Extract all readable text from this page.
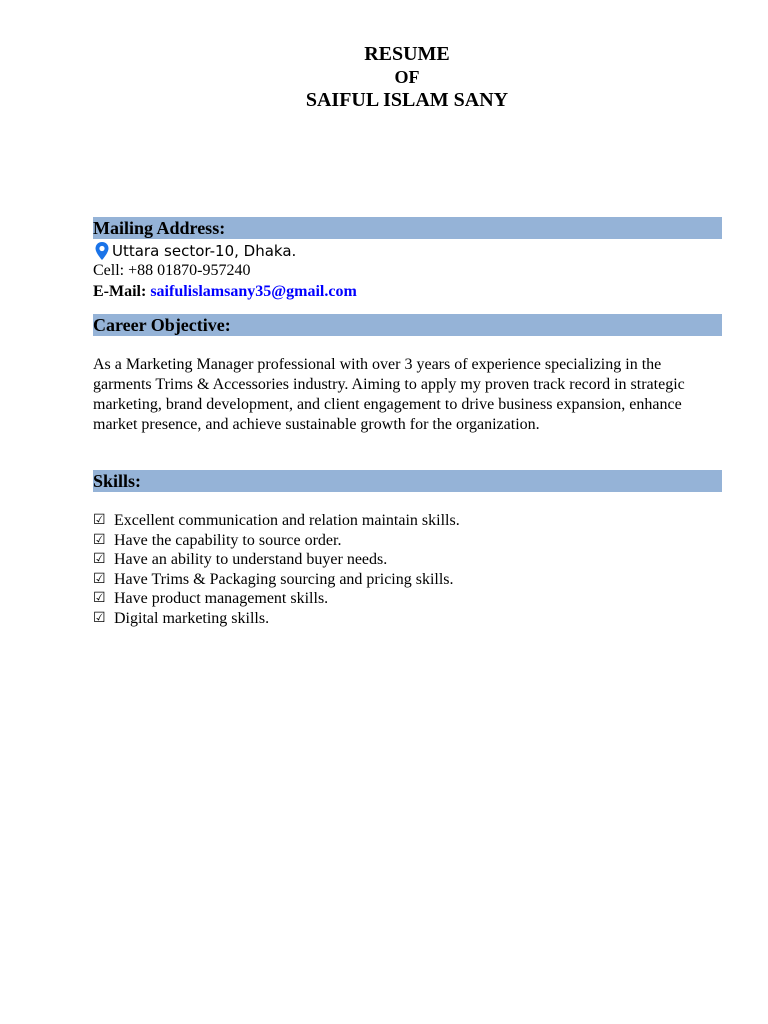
RESUME
OF
SAIFUL ISLAM SANY
Mailing Address:
Uttara sector-10, Dhaka.
Cell: +88 01870-957240
E-Mail: saifulislamsany35@gmail.com
Career Objective:
As a Marketing Manager professional with over 3 years of experience specializing in the garments Trims & Accessories industry. Aiming to apply my proven track record in strategic marketing, brand development, and client engagement to drive business expansion, enhance market presence, and achieve sustainable growth for the organization.
Skills:
☑ Excellent communication and relation maintain skills.
☑ Have the capability to source order.
☑ Have an ability to understand buyer needs.
☑ Have Trims & Packaging sourcing and pricing skills.
☑ Have product management skills.
☑ Digital marketing skills.
